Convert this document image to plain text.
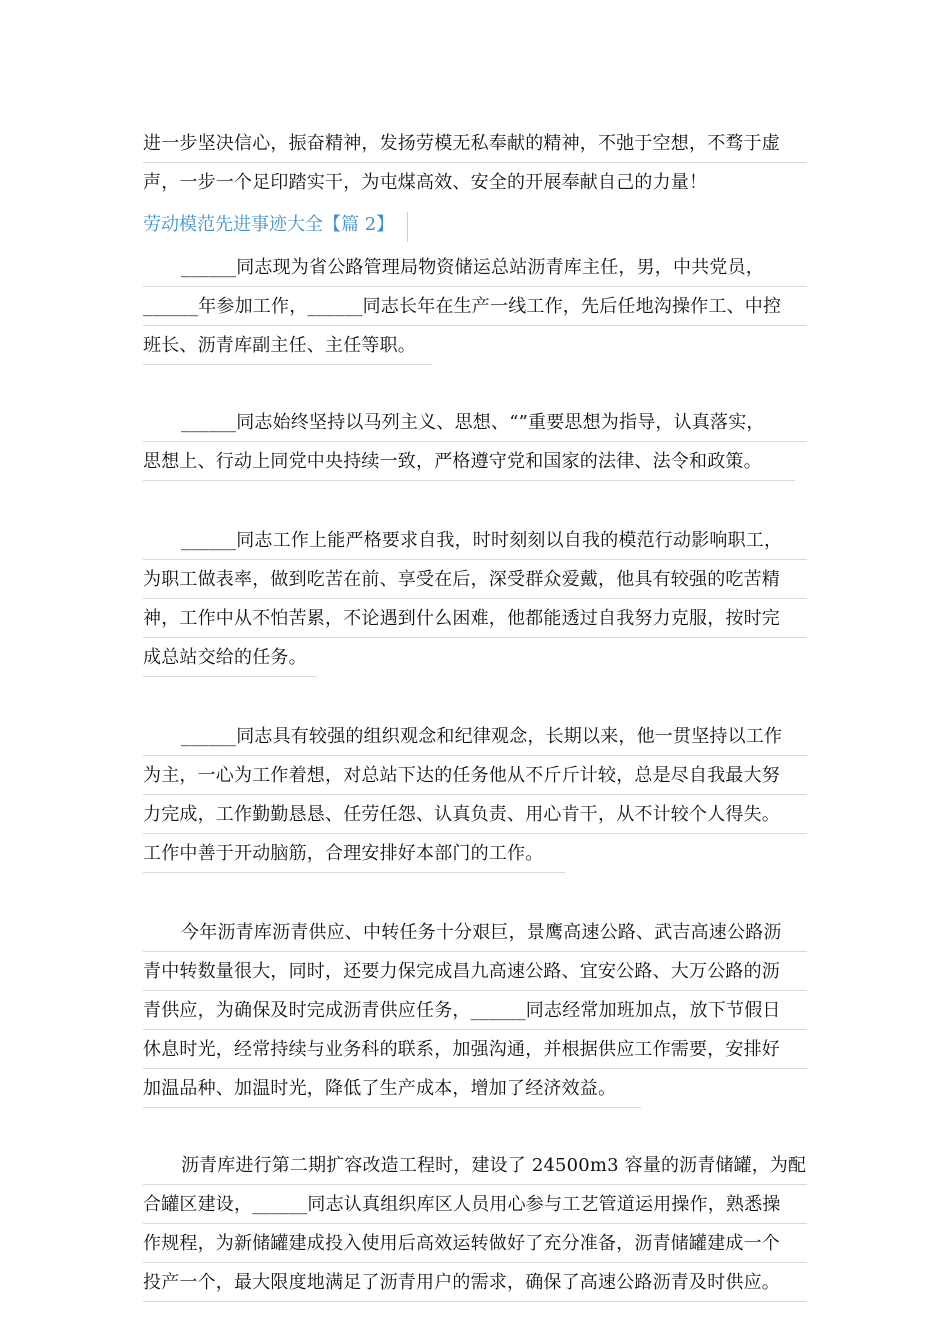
进一步坚决信心，振奋精神，发扬劳模无私奉献的精神，不弛于空想，不骛于虚
声，一步一个足印踏实干，为屯煤高效、安全的开展奉献自己的力量！
劳动模范先进事迹大全【篇 2】
______同志现为省公路管理局物资储运总站沥青库主任，男，中共党员，
______年参加工作，______同志长年在生产一线工作，先后任地沟操作工、中控
班长、沥青库副主任、主任等职。
______同志始终坚持以马列主义、思想、“”重要思想为指导，认真落实，
思想上、行动上同党中央持续一致，严格遵守党和国家的法律、法令和政策。
______同志工作上能严格要求自我，时时刻刻以自我的模范行动影响职工，
为职工做表率，做到吃苦在前、享受在后，深受群众爱戴，他具有较强的吃苦精
神，工作中从不怕苦累，不论遇到什么困难，他都能透过自我努力克服，按时完
成总站交给的任务。
______同志具有较强的组织观念和纪律观念，长期以来，他一贯坚持以工作
为主，一心为工作着想，对总站下达的任务他从不斤斤计较，总是尽自我最大努
力完成，工作勤勤恳恳、任劳任怨、认真负责、用心肯干，从不计较个人得失。
工作中善于开动脑筋，合理安排好本部门的工作。
今年沥青库沥青供应、中转任务十分艰巨，景鹰高速公路、武吉高速公路沥
青中转数量很大，同时，还要力保完成昌九高速公路、宜安公路、大万公路的沥
青供应，为确保及时完成沥青供应任务，______同志经常加班加点，放下节假日
休息时光，经常持续与业务科的联系，加强沟通，并根据供应工作需要，安排好
加温品种、加温时光，降低了生产成本，增加了经济效益。
沥青库进行第二期扩容改造工程时，建设了 24500m3 容量的沥青储罐，为配
合罐区建设，______同志认真组织库区人员用心参与工艺管道运用操作，熟悉操
作规程，为新储罐建成投入使用后高效运转做好了充分准备，沥青储罐建成一个
投产一个，最大限度地满足了沥青用户的需求，确保了高速公路沥青及时供应。
